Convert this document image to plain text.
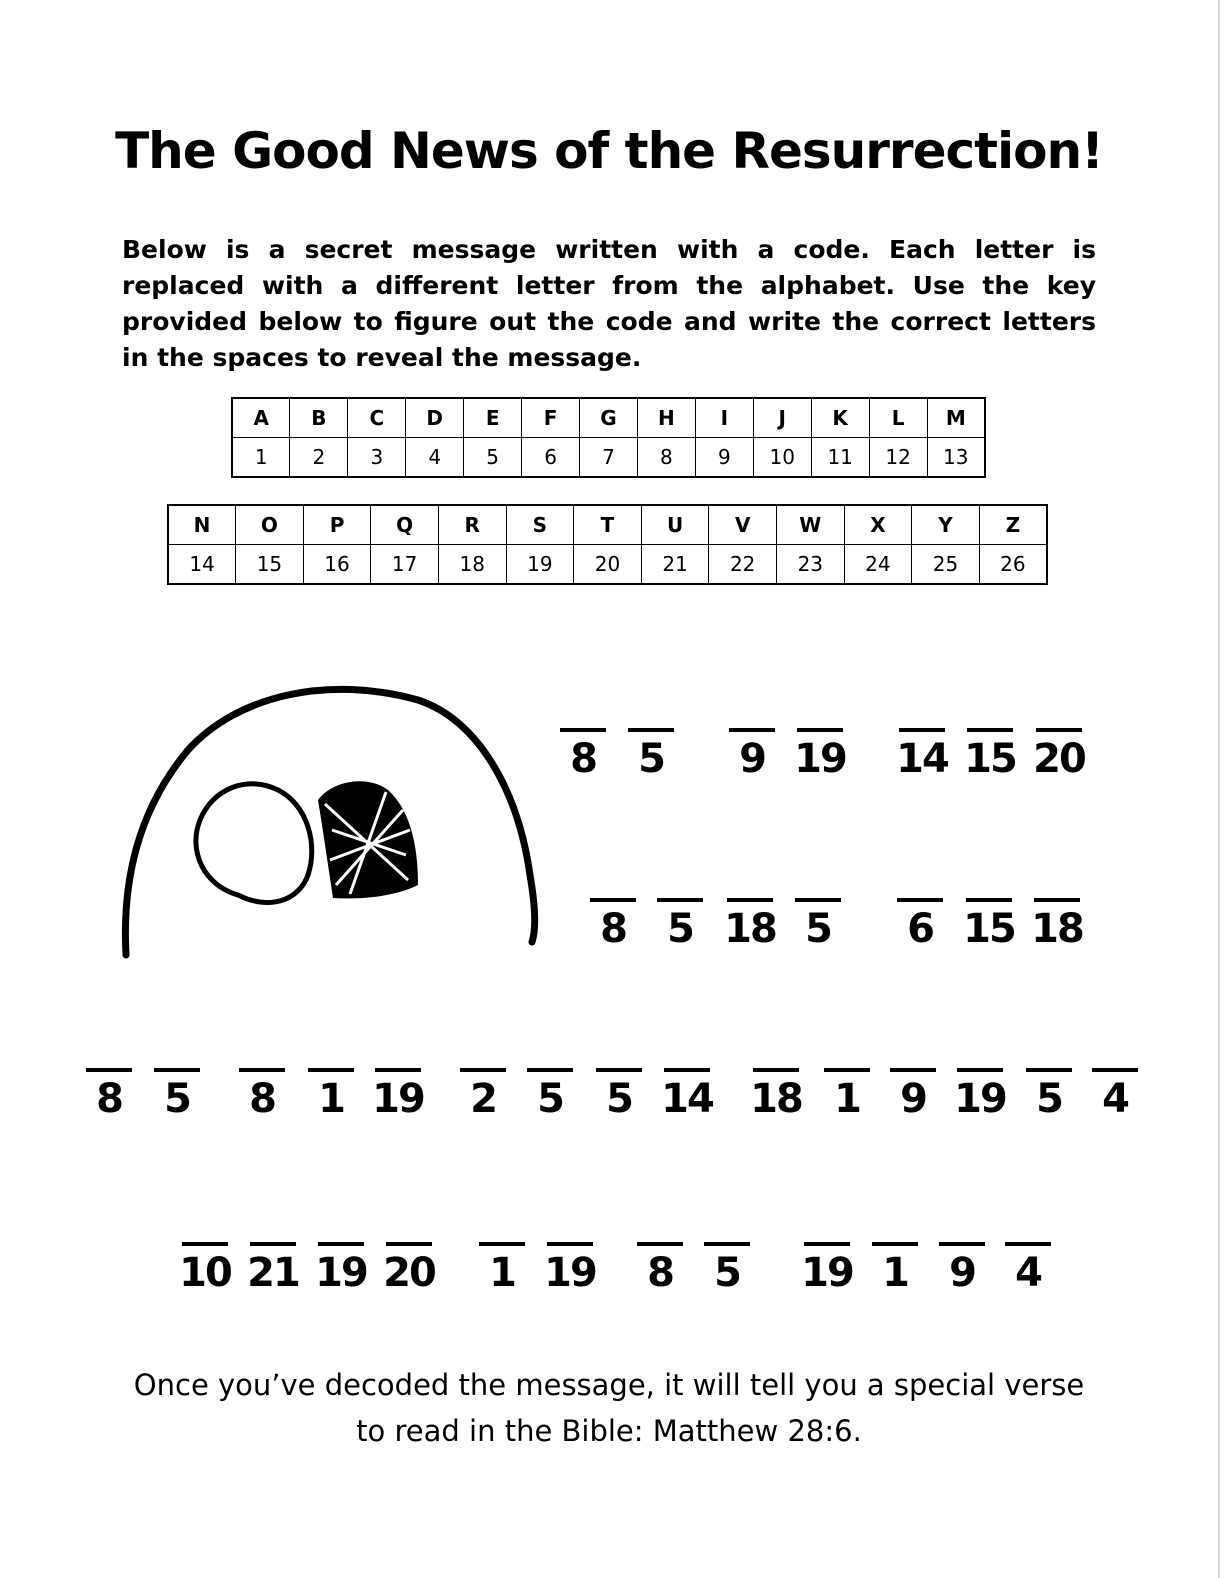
The Good News of the Resurrection!

Below is a secret message written with a code. Each letter is replaced with a different letter from the alphabet. Use the key provided below to figure out the code and write the correct letters in the spaces to reveal the message.

A	B	C	D	E	F	G	H	I	J	K	L	M
1	2	3	4	5	6	7	8	9	10	11	12	13
N	O	P	Q	R	S	T	U	V	W	X	Y	Z
14	15	16	17	18	19	20	21	22	23	24	25	26
8 5 9 19 14 15 20
8 5 18 5 6 15 18
8 5 8 1 19 2 5 5 14 18 1 9 19 5 4
10 21 19 20 1 19 8 5 19 1 9 4
Once you’ve decoded the message, it will tell you a special verse
to read in the Bible: Matthew 28:6.
